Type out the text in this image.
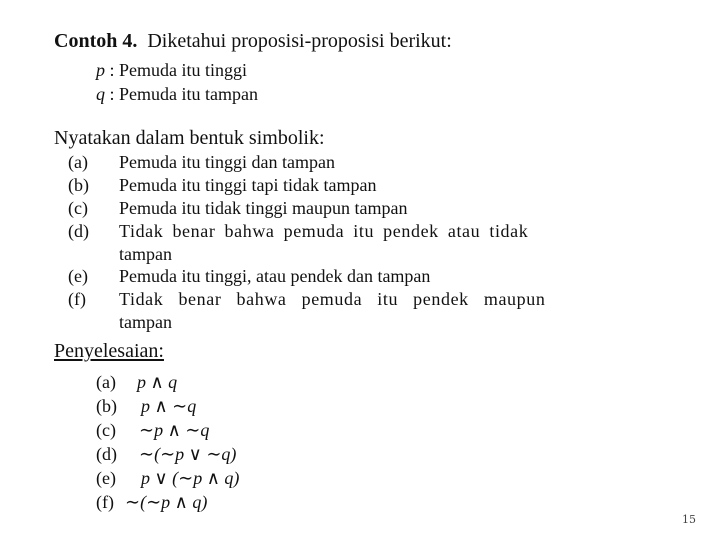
Contoh 4. Diketahui proposisi-proposisi berikut:
p : Pemuda itu tinggi
q : Pemuda itu tampan
Nyatakan dalam bentuk simbolik:
(a) Pemuda itu tinggi dan tampan
(b) Pemuda itu tinggi tapi tidak tampan
(c) Pemuda itu tidak tinggi maupun tampan
(d) Tidak benar bahwa pemuda itu pendek atau tidak
tampan
(e) Pemuda itu tinggi, atau pendek dan tampan
(f) Tidak benar bahwa pemuda itu pendek maupun
tampan
Penyelesaian:
(a) p ∧ q
(b) p ∧ ∼q
(c) ∼p ∧ ∼q
(d) ∼(∼p ∨ ∼q)
(e) p ∨ (∼p ∧ q)
(f) ∼(∼p ∧ q)
15
